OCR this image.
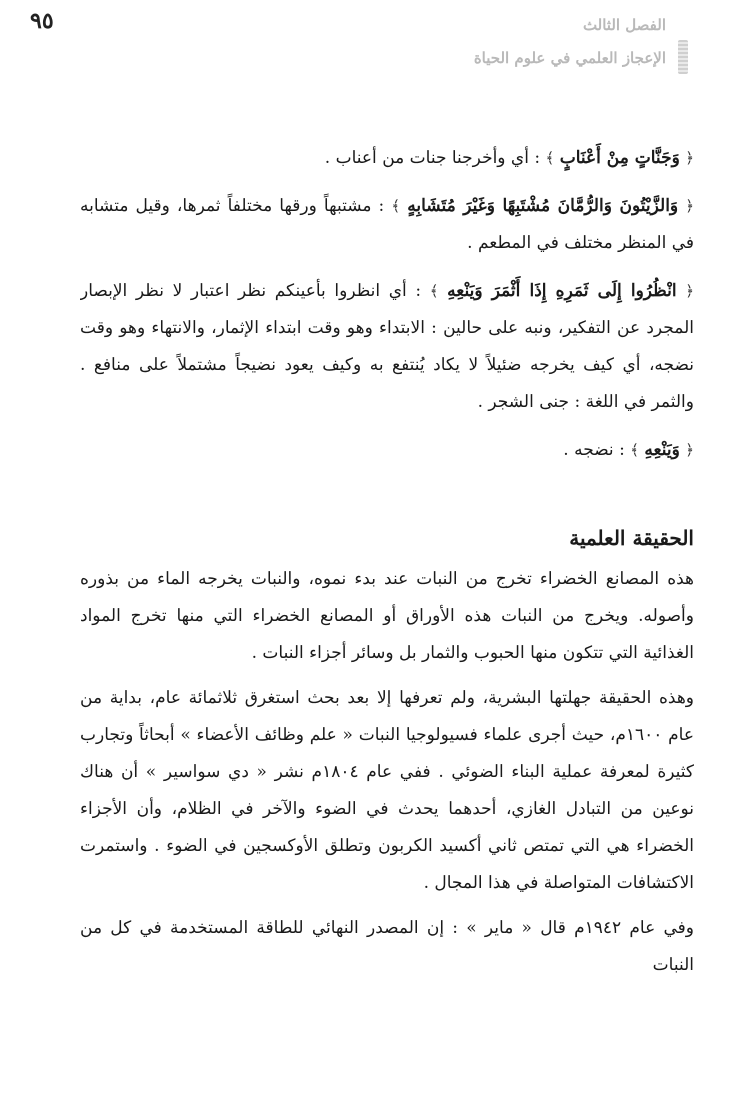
٩٥	الفصل الثالث
الإعجاز العلمي في علوم الحياة

﴿ وَجَنَّاتٍ مِنْ أَعْنَابٍ ﴾ : أي وأخرجنا جنات من أعناب .

﴿ وَالزَّيْتُونَ وَالرُّمَّانَ مُشْتَبِهًا وَغَيْرَ مُتَشَابِهٍ ﴾ : مشتبهاً ورقها مختلفاً ثمرها، وقيل متشابه في المنظر مختلف في المطعم .

﴿ انْظُرُوا إِلَى ثَمَرِهِ إِذَا أَثْمَرَ وَيَنْعِهِ ﴾ : أي انظروا بأعينكم نظر اعتبار لا نظر الإبصار المجرد عن التفكير، ونبه على حالين : الابتداء وهو وقت ابتداء الإثمار، والانتهاء وهو وقت نضجه، أي كيف يخرجه ضئيلاً لا يكاد يُنتفع به وكيف يعود نضيجاً مشتملاً على منافع . والثمر في اللغة : جنى الشجر .

﴿ وَيَنْعِهِ ﴾ : نضجه .

الحقيقة العلمية

هذه المصانع الخضراء تخرج من النبات عند بدء نموه، والنبات يخرجه الماء من بذوره وأصوله. ويخرج من النبات هذه الأوراق أو المصانع الخضراء التي منها تخرج المواد الغذائية التي تتكون منها الحبوب والثمار بل وسائر أجزاء النبات .

وهذه الحقيقة جهلتها البشرية، ولم تعرفها إلا بعد بحث استغرق ثلاثمائة عام، بداية من عام ١٦٠٠م، حيث أجرى علماء فسيولوجيا النبات « علم وظائف الأعضاء » أبحاثاً وتجارب كثيرة لمعرفة عملية البناء الضوئي . ففي عام ١٨٠٤م نشر « دي سواسير » أن هناك نوعين من التبادل الغازي، أحدهما يحدث في الضوء والآخر في الظلام، وأن الأجزاء الخضراء هي التي تمتص ثاني أكسيد الكربون وتطلق الأوكسجين في الضوء . واستمرت الاكتشافات المتواصلة في هذا المجال .

وفي عام ١٩٤٢م قال « ماير » : إن المصدر النهائي للطاقة المستخدمة في كل من النبات
